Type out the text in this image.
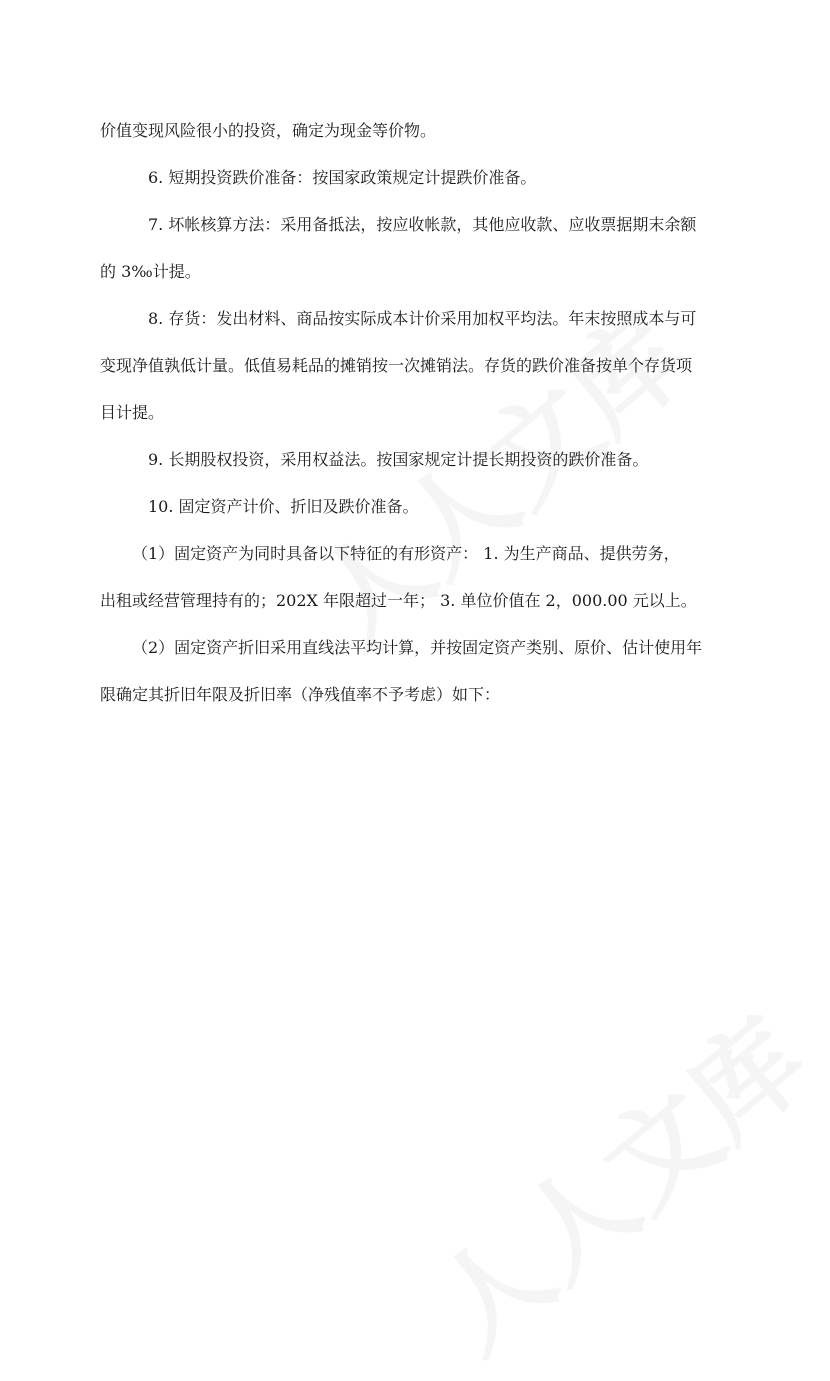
价值变现风险很小的投资，确定为现金等价物。

6. 短期投资跌价准备：按国家政策规定计提跌价准备。

7. 坏帐核算方法：采用备抵法，按应收帐款，其他应收款、应收票据期末余额

的 3‰计提。

8. 存货：发出材料、商品按实际成本计价采用加权平均法。年末按照成本与可

变现净值孰低计量。低值易耗品的摊销按一次摊销法。存货的跌价准备按单个存货项

目计提。

9. 长期股权投资，采用权益法。按国家规定计提长期投资的跌价准备。

10. 固定资产计价、折旧及跌价准备。

（1）固定资产为同时具备以下特征的有形资产： 1. 为生产商品、提供劳务，

出租或经营管理持有的；202X 年限超过一年； 3. 单位价值在 2，000.00 元以上。

（2）固定资产折旧采用直线法平均计算，并按固定资产类别、原价、估计使用年

限确定其折旧年限及折旧率（净残值率不予考虑）如下：
